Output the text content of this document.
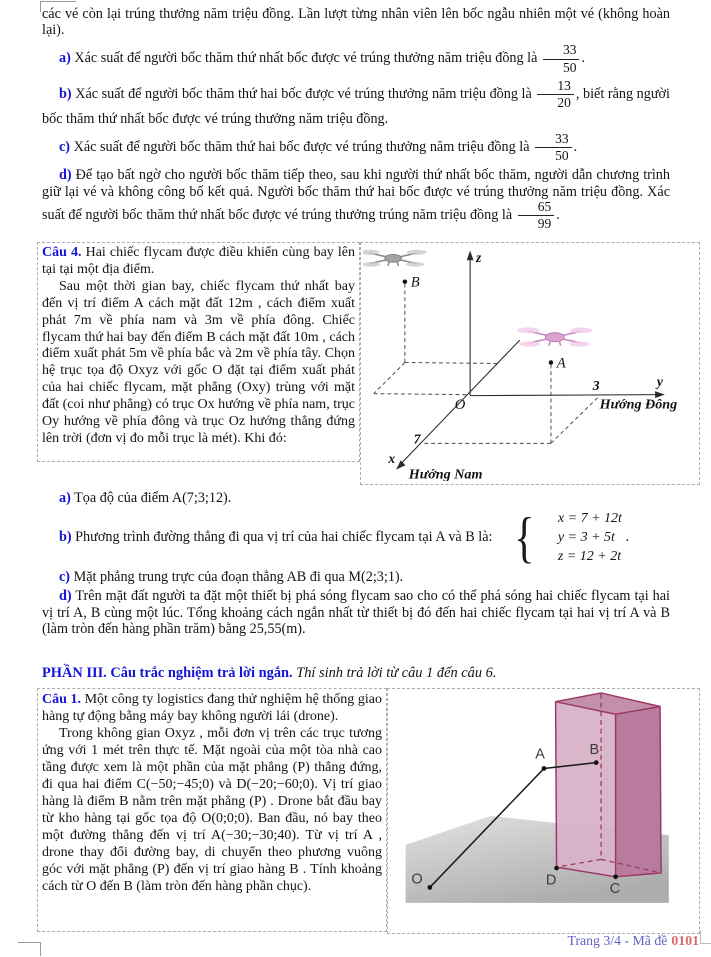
các vé còn lại trúng thưởng năm triệu đồng. Lần lượt từng nhân viên lên bốc ngẫu nhiên một vé (không hoàn lại).

a) Xác suất để người bốc thăm thứ nhất bốc được vé trúng thưởng năm triệu đồng là $\frac{33}{50}$ .

b) Xác suất để người bốc thăm thứ hai bốc được vé trúng thưởng năm triệu đồng là $\frac{13}{20}$ , biết rằng người bốc thăm thứ nhất bốc được vé trúng thưởng năm triệu đồng.

c) Xác suất để người bốc thăm thứ hai bốc được vé trúng thưởng năm triệu đồng là $\frac{33}{50}$ .

d) Để tạo bất ngờ cho người bốc thăm tiếp theo, sau khi người thứ nhất bốc thăm, người dẫn chương trình giữ lại vé và không công bố kết quả. Người bốc thăm thứ hai bốc được vé trúng thưởng năm triệu đồng. Xác suất để người bốc thăm thứ nhất bốc được vé trúng thưởng trúng năm triệu đồng là $\frac{65}{99}$ .

Câu 4. Hai chiếc flycam được điều khiển cùng bay lên tại tại một địa điểm.

Sau một thời gian bay, chiếc flycam thứ nhất bay đến vị trí điểm A cách mặt đất 12m , cách điểm xuất phát 7m về phía nam và 3m về phía đông. Chiếc flycam thứ hai bay đến điểm B cách mặt đất 10m , cách điểm xuất phát 5m về phía bắc và 2m về phía tây. Chọn hệ trục tọa độ Oxyz với gốc O đặt tại điểm xuất phát của hai chiếc flycam, mặt phẳng (Oxy) trùng với mặt đất (coi như phẳng) có trục Ox hướng về phía nam, trục Oy hướng về phía đông và trục Oz hướng thẳng đứng lên trời (đơn vị đo mỗi trục là mét). Khi đó:

z
y
x
O
B
A
3
7
Hướng Đông
Hướng Nam

a) Tọa độ của điểm A(7;3;12).

b) Phương trình đường thẳng đi qua vị trí của hai chiếc flycam tại A và B là: {	x = 7 + 12t
y = 3 + 5t
z = 12 + 2t
.

c) Mặt phẳng trung trực của đoạn thẳng AB đi qua M(2;3;1).

d) Trên mặt đất người ta đặt một thiết bị phá sóng flycam sao cho có thể phá sóng hai chiếc flycam tại hai vị trí A, B cùng một lúc. Tổng khoảng cách ngắn nhất từ thiết bị đó đến hai chiếc flycam tại hai vị trí A và B (làm tròn đến hàng phần trăm) bằng 25,55(m).

PHẦN III. Câu trắc nghiệm trả lời ngắn. Thí sinh trả lời từ câu 1 đến câu 6.

Câu 1. Một công ty logistics đang thử nghiệm hệ thống giao hàng tự động bằng máy bay không người lái (drone).

Trong không gian Oxyz , mỗi đơn vị trên các trục tương ứng với 1 mét trên thực tế. Mặt ngoài của một tòa nhà cao tầng được xem là một phần của mặt phẳng (P) thẳng đứng, đi qua hai điểm C(−50;−45;0) và D(−20;−60;0). Vị trí giao hàng là điểm B nằm trên mặt phẳng (P) . Drone bắt đầu bay từ kho hàng tại gốc tọa độ O(0;0;0). Ban đầu, nó bay theo một đường thẳng đến vị trí A(−30;−30;40). Từ vị trí A , drone thay đổi đường bay, di chuyển theo phương vuông góc với mặt phẳng (P) đến vị trí giao hàng B . Tính khoảng cách từ O đến B (làm tròn đến hàng phần chục).	O
A	B
D
C
Trang 3/4 - Mã đề 0101
